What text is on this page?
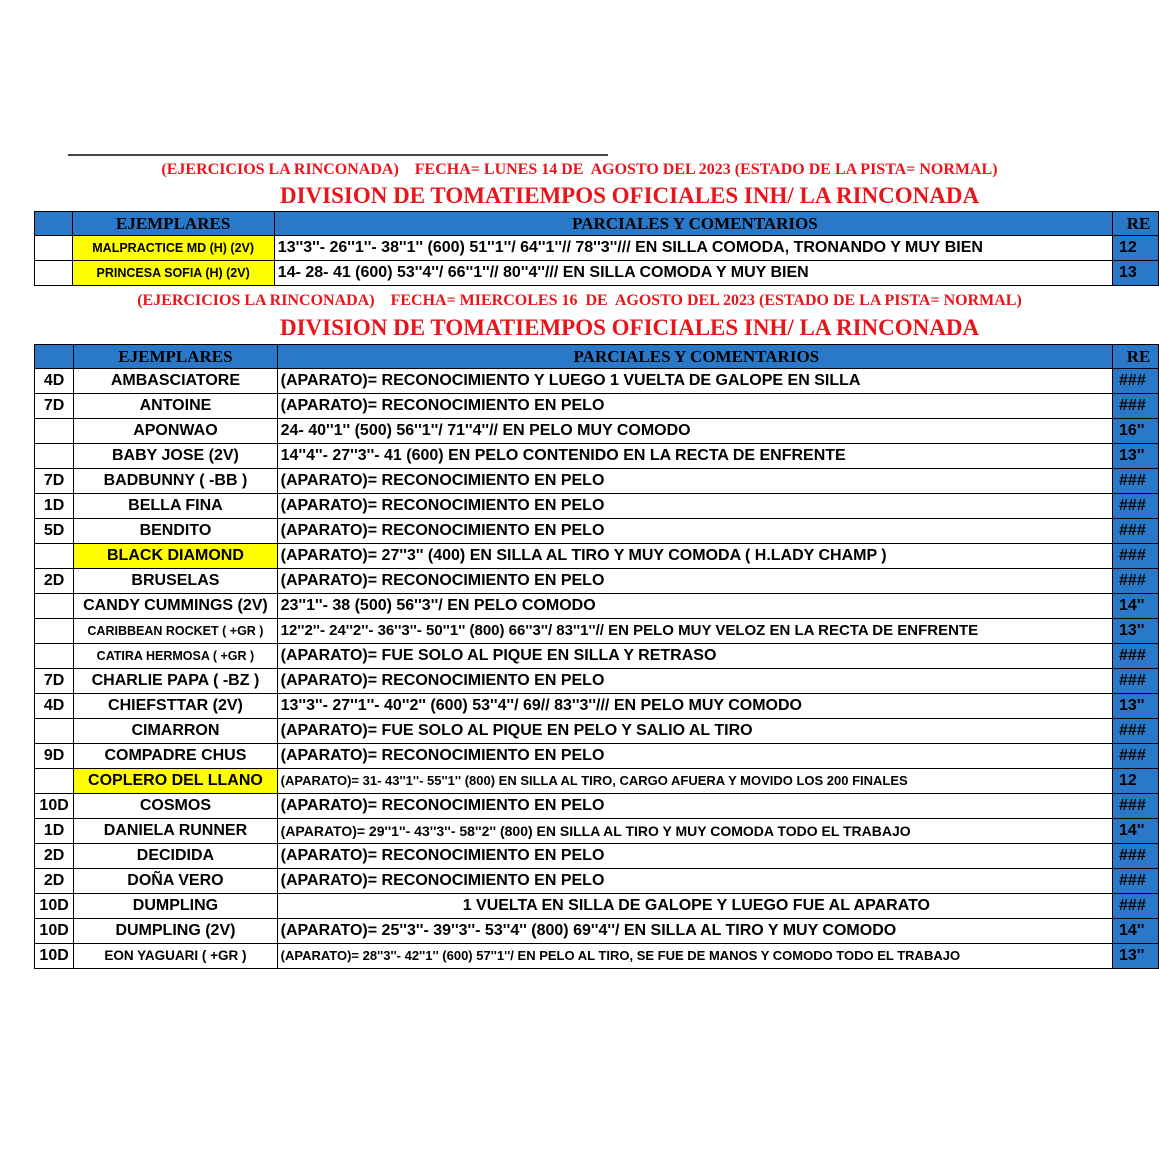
(EJERCICIOS LA RINCONADA)    FECHA= LUNES 14 DE  AGOSTO DEL 2023 (ESTADO DE LA PISTA= NORMAL)
DIVISION DE TOMATIEMPOS OFICIALES INH/ LA RINCONADA
	EJEMPLARES	PARCIALES Y COMENTARIOS	RE
	MALPRACTICE MD (H) (2V)	13''3''- 26''1''- 38''1'' (600) 51''1''/ 64''1''// 78''3''/// EN SILLA COMODA, TRONANDO Y MUY BIEN	12
	PRINCESA SOFIA (H) (2V)	14- 28- 41 (600) 53''4''/ 66''1''// 80''4''/// EN SILLA COMODA Y MUY BIEN	13
(EJERCICIOS LA RINCONADA)    FECHA= MIERCOLES 16  DE  AGOSTO DEL 2023 (ESTADO DE LA PISTA= NORMAL)
DIVISION DE TOMATIEMPOS OFICIALES INH/ LA RINCONADA
	EJEMPLARES	PARCIALES Y COMENTARIOS	RE
4D	AMBASCIATORE	(APARATO)= RECONOCIMIENTO Y LUEGO 1 VUELTA DE GALOPE EN SILLA	###
7D	ANTOINE	(APARATO)= RECONOCIMIENTO EN PELO	###
	APONWAO	24- 40''1'' (500) 56''1''/ 71''4''// EN PELO MUY COMODO	16''
	BABY JOSE (2V)	14''4''- 27''3''- 41 (600) EN PELO CONTENIDO EN LA RECTA DE ENFRENTE	13''
7D	BADBUNNY ( -BB )	(APARATO)= RECONOCIMIENTO EN PELO	###
1D	BELLA FINA	(APARATO)= RECONOCIMIENTO EN PELO	###
5D	BENDITO	(APARATO)= RECONOCIMIENTO EN PELO	###
	BLACK DIAMOND	(APARATO)= 27''3'' (400) EN SILLA AL TIRO Y MUY COMODA ( H.LADY CHAMP )	###
2D	BRUSELAS	(APARATO)= RECONOCIMIENTO EN PELO	###
	CANDY CUMMINGS (2V)	23''1''- 38 (500) 56''3''/ EN PELO COMODO	14''
	CARIBBEAN ROCKET ( +GR )	12''2''- 24''2''- 36''3''- 50''1'' (800) 66''3''/ 83''1''// EN PELO MUY VELOZ EN LA RECTA DE ENFRENTE	13''
	CATIRA HERMOSA ( +GR )	(APARATO)= FUE SOLO AL PIQUE EN SILLA Y RETRASO	###
7D	CHARLIE PAPA ( -BZ )	(APARATO)= RECONOCIMIENTO EN PELO	###
4D	CHIEFSTTAR (2V)	13''3''- 27''1''- 40''2'' (600) 53''4''/ 69// 83''3''/// EN PELO MUY COMODO	13''
	CIMARRON	(APARATO)= FUE SOLO AL PIQUE EN PELO Y SALIO AL TIRO	###
9D	COMPADRE CHUS	(APARATO)= RECONOCIMIENTO EN PELO	###
	COPLERO DEL LLANO	(APARATO)= 31- 43''1''- 55''1'' (800) EN SILLA AL TIRO, CARGO AFUERA Y MOVIDO LOS 200 FINALES	12
10D	COSMOS	(APARATO)= RECONOCIMIENTO EN PELO	###
1D	DANIELA RUNNER	(APARATO)= 29''1''- 43''3''- 58''2'' (800) EN SILLA AL TIRO Y MUY COMODA TODO EL TRABAJO	14''
2D	DECIDIDA	(APARATO)= RECONOCIMIENTO EN PELO	###
2D	DOÑA VERO	(APARATO)= RECONOCIMIENTO EN PELO	###
10D	DUMPLING	1 VUELTA EN SILLA DE GALOPE Y LUEGO FUE AL APARATO	###
10D	DUMPLING (2V)	(APARATO)= 25''3''- 39''3''- 53''4'' (800) 69''4''/ EN SILLA AL TIRO Y MUY COMODO	14''
10D	EON YAGUARI ( +GR )	(APARATO)= 28''3''- 42''1'' (600) 57''1''/ EN PELO AL TIRO, SE FUE DE MANOS Y COMODO TODO EL TRABAJO	13''
